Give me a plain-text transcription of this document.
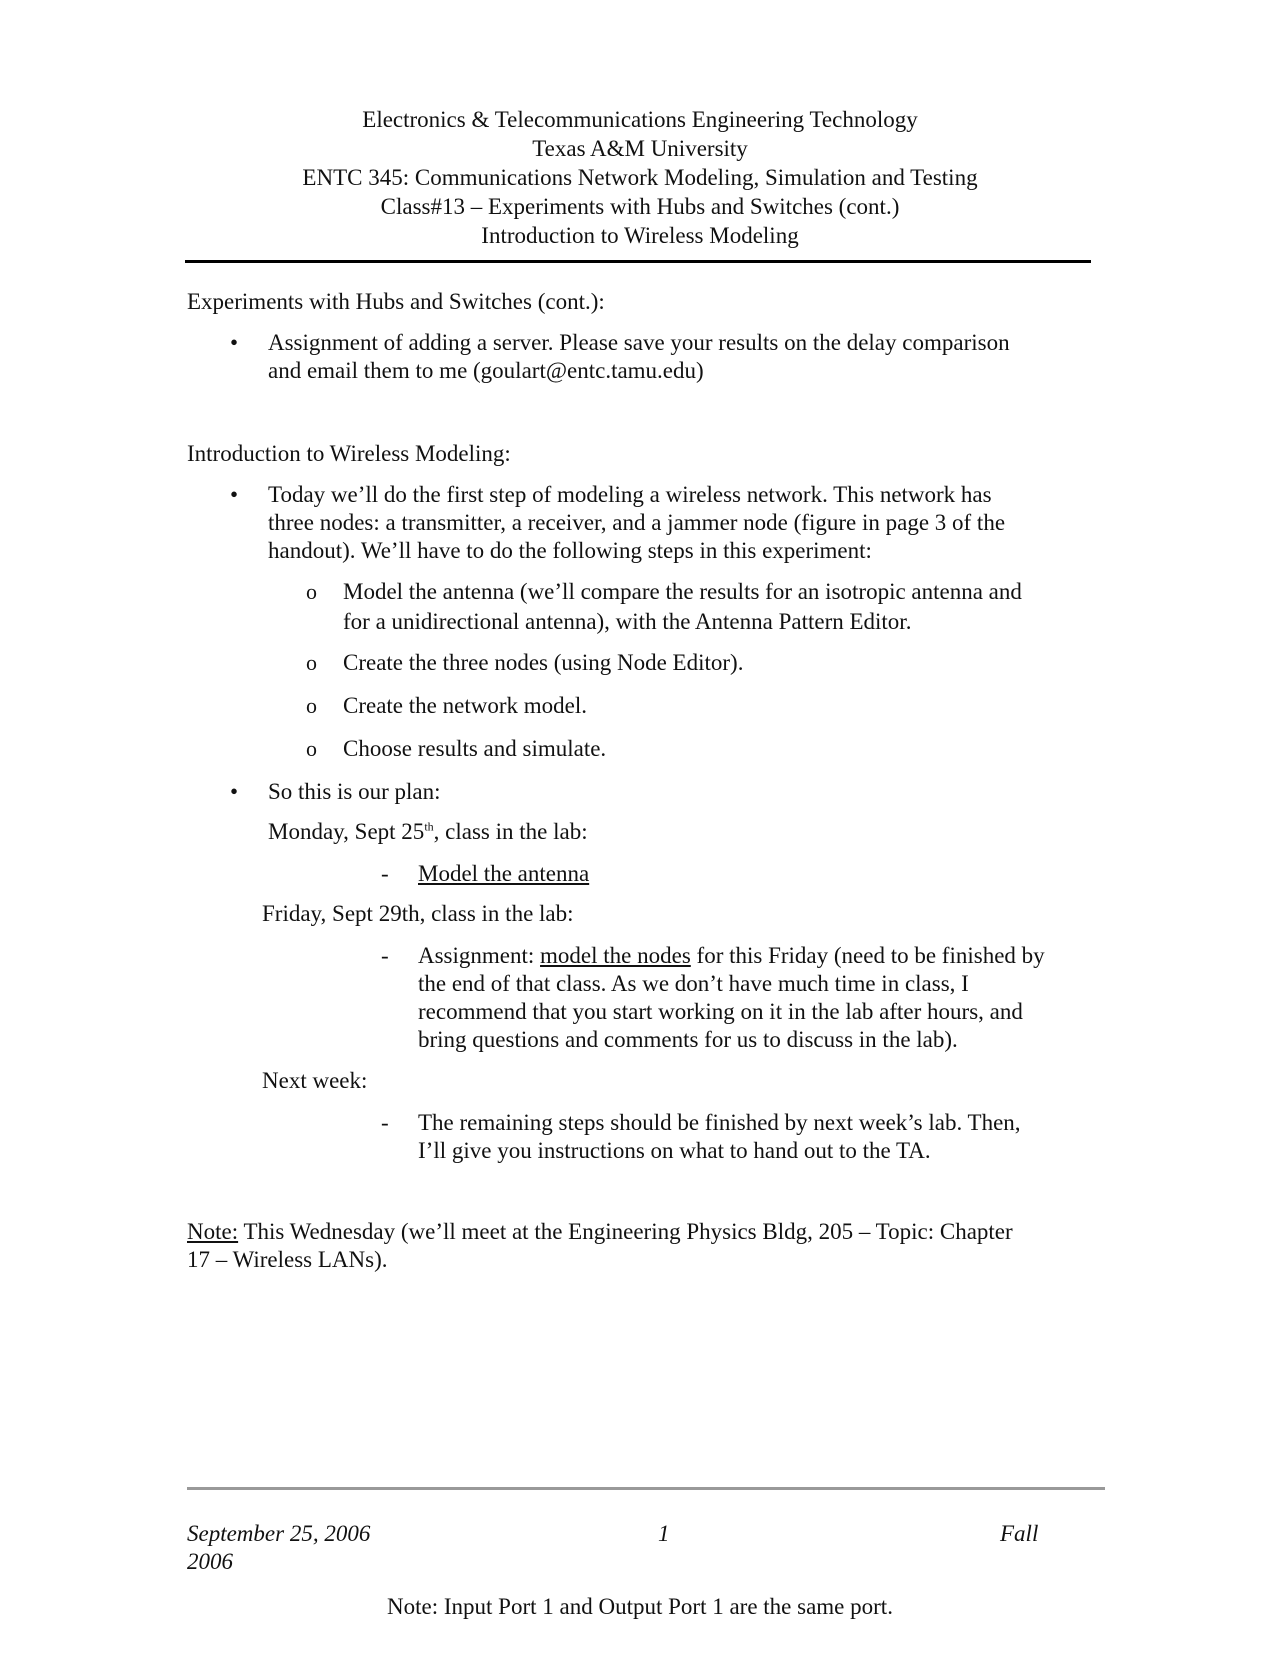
Electronics & Telecommunications Engineering Technology
Texas A&M University
ENTC 345: Communications Network Modeling, Simulation and Testing
Class#13 – Experiments with Hubs and Switches (cont.)
Introduction to Wireless Modeling
Experiments with Hubs and Switches (cont.):
• Assignment of adding a server. Please save your results on the delay comparison
and email them to me (goulart@entc.tamu.edu)
Introduction to Wireless Modeling:
• Today we’ll do the first step of modeling a wireless network. This network has
three nodes: a transmitter, a receiver, and a jammer node (figure in page 3 of the
handout). We’ll have to do the following steps in this experiment:
o Model the antenna (we’ll compare the results for an isotropic antenna and
for a unidirectional antenna), with the Antenna Pattern Editor.
o Create the three nodes (using Node Editor).
o Create the network model.
o Choose results and simulate.
• So this is our plan:
Monday, Sept 25th, class in the lab:
- Model the antenna
Friday, Sept 29th, class in the lab:
- Assignment: model the nodes for this Friday (need to be finished by
the end of that class. As we don’t have much time in class, I
recommend that you start working on it in the lab after hours, and
bring questions and comments for us to discuss in the lab).
Next week:
- The remaining steps should be finished by next week’s lab. Then,
I’ll give you instructions on what to hand out to the TA.
Note: This Wednesday (we’ll meet at the Engineering Physics Bldg, 205 – Topic: Chapter
17 – Wireless LANs).
September 25, 2006	1	Fall
2006
Note: Input Port 1 and Output Port 1 are the same port.
